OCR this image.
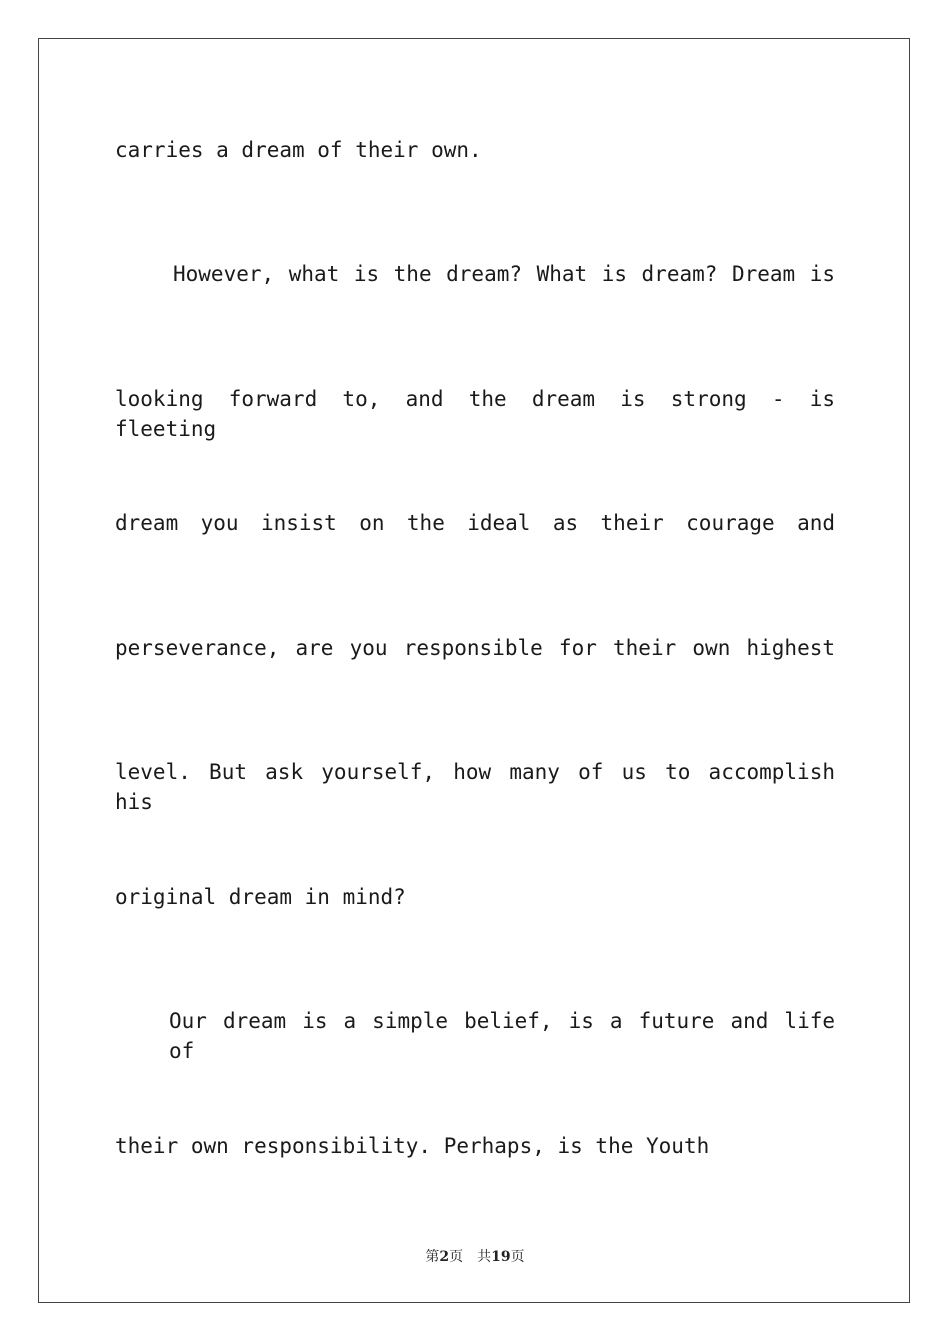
carries a dream of their own.

However, what is the dream? What is dream? Dream is

looking forward to, and the dream is strong - is fleeting

dream you insist on the ideal as their courage and

perseverance, are you responsible for their own highest

level. But ask yourself, how many of us to accomplish his

original dream in mind?

Our dream is a simple belief, is a future and life of

their own responsibility. Perhaps, is the Youth

第2页 共19页
